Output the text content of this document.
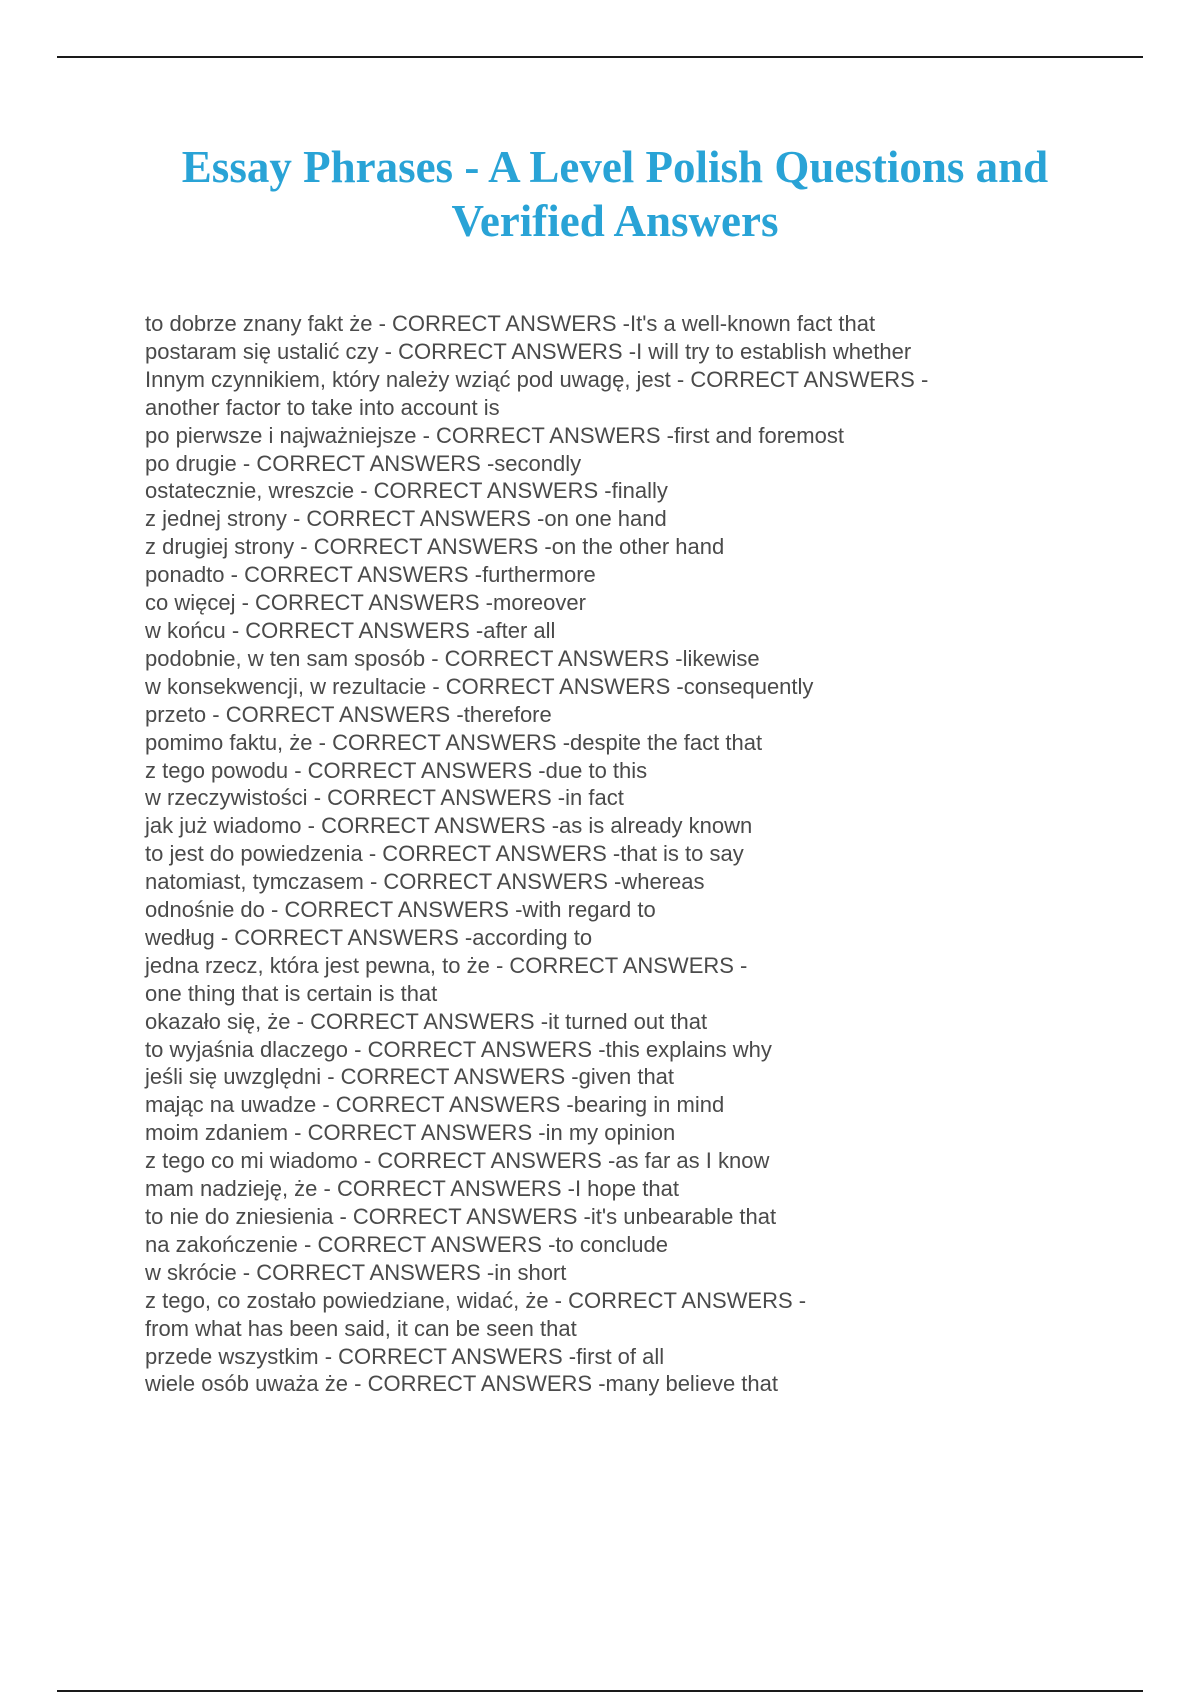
Essay Phrases - A Level Polish Questions and Verified Answers
to dobrze znany fakt że - CORRECT ANSWERS -It's a well-known fact that
postaram się ustalić czy - CORRECT ANSWERS -I will try to establish whether
Innym czynnikiem, który należy wziąć pod uwagę, jest - CORRECT ANSWERS -
another factor to take into account is
po pierwsze i najważniejsze - CORRECT ANSWERS -first and foremost
po drugie - CORRECT ANSWERS -secondly
ostatecznie, wreszcie - CORRECT ANSWERS -finally
z jednej strony - CORRECT ANSWERS -on one hand
z drugiej strony - CORRECT ANSWERS -on the other hand
ponadto - CORRECT ANSWERS -furthermore
co więcej - CORRECT ANSWERS -moreover
w końcu - CORRECT ANSWERS -after all
podobnie, w ten sam sposób - CORRECT ANSWERS -likewise
w konsekwencji, w rezultacie - CORRECT ANSWERS -consequently
przeto - CORRECT ANSWERS -therefore
pomimo faktu, że - CORRECT ANSWERS -despite the fact that
z tego powodu - CORRECT ANSWERS -due to this
w rzeczywistości - CORRECT ANSWERS -in fact
jak już wiadomo - CORRECT ANSWERS -as is already known
to jest do powiedzenia - CORRECT ANSWERS -that is to say
natomiast, tymczasem - CORRECT ANSWERS -whereas
odnośnie do - CORRECT ANSWERS -with regard to
według - CORRECT ANSWERS -according to
jedna rzecz, która jest pewna, to że - CORRECT ANSWERS -
one thing that is certain is that
okazało się, że - CORRECT ANSWERS -it turned out that
to wyjaśnia dlaczego - CORRECT ANSWERS -this explains why
jeśli się uwzględni - CORRECT ANSWERS -given that
mając na uwadze - CORRECT ANSWERS -bearing in mind
moim zdaniem - CORRECT ANSWERS -in my opinion
z tego co mi wiadomo - CORRECT ANSWERS -as far as I know
mam nadzieję, że - CORRECT ANSWERS -I hope that
to nie do zniesienia - CORRECT ANSWERS -it's unbearable that
na zakończenie - CORRECT ANSWERS -to conclude
w skrócie - CORRECT ANSWERS -in short
z tego, co zostało powiedziane, widać, że - CORRECT ANSWERS -
from what has been said, it can be seen that
przede wszystkim - CORRECT ANSWERS -first of all
wiele osób uważa że - CORRECT ANSWERS -many believe that
